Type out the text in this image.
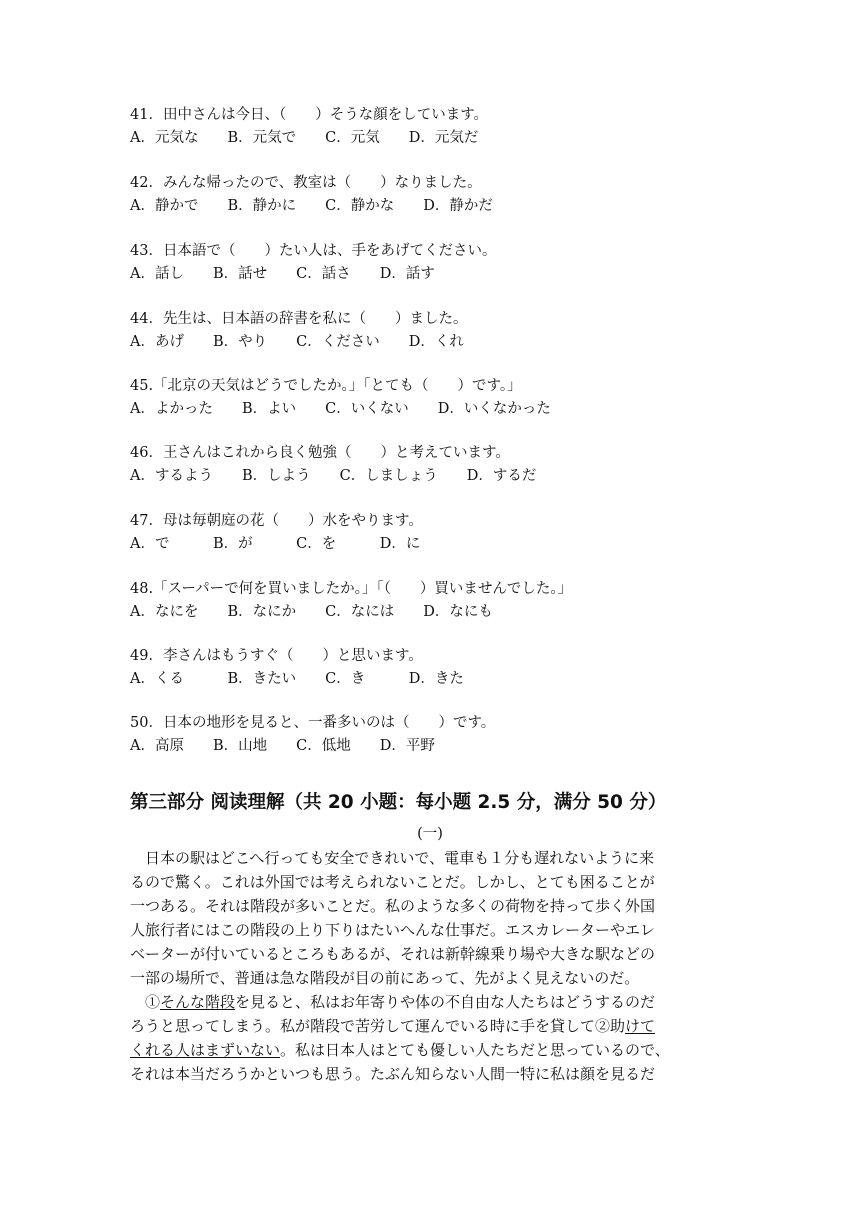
41．田中さんは今日、（　　）そうな顔をしています。
A．元気な　　B．元気で　　C．元気　　D．元気だ
42．みんな帰ったので、教室は（　　）なりました。
A．静かで　　B．静かに　　C．静かな　　D．静かだ
43．日本語で（　　）たい人は、手をあげてください。
A．話し　　B．話せ　　C．話さ　　D．話す
44．先生は、日本語の辞書を私に（　　）ました。
A．あげ　　B．やり　　C．ください　　D．くれ
45.「北京の天気はどうでしたか。」「とても（　　）です。」
A．よかった　　B．よい　　C．いくない　　D．いくなかった
46．王さんはこれから良く勉強（　　）と考えています。
A．するよう　　B．しよう　　C．しましょう　　D．するだ
47．母は毎朝庭の花（　　）水をやります。
A．で　　　B．が　　　C．を　　　D．に
48.「スーパーで何を買いましたか。」「（　　）買いませんでした。」
A．なにを　　B．なにか　　C．なには　　D．なにも
49．李さんはもうすぐ（　　）と思います。
A．くる　　　B．きたい　　C．き　　　D．きた
50．日本の地形を見ると、一番多いのは（　　）です。
A．高原　　B．山地　　C．低地　　D．平野
第三部分 阅读理解（共 20 小题：每小题 2.5 分，满分 50 分）
(一)
　日本の駅はどこへ行っても安全できれいで、電車も１分も遅れないように来
るので驚く。これは外国では考えられないことだ。しかし、とても困ることが
一つある。それは階段が多いことだ。私のような多くの荷物を持って歩く外国
人旅行者にはこの階段の上り下りはたいへんな仕事だ。エスカレーターやエレ
ベーターが付いているところもあるが、それは新幹線乗り場や大きな駅などの
一部の場所で、普通は急な階段が目の前にあって、先がよく見えないのだ。
　①そんな階段を見ると、私はお年寄りや体の不自由な人たちはどうするのだ
ろうと思ってしまう。私が階段で苦労して運んでいる時に手を貸して②助けて
くれる人はまずいない。私は日本人はとても優しい人たちだと思っているので、
それは本当だろうかといつも思う。たぶん知らない人間一特に私は顔を見るだ
